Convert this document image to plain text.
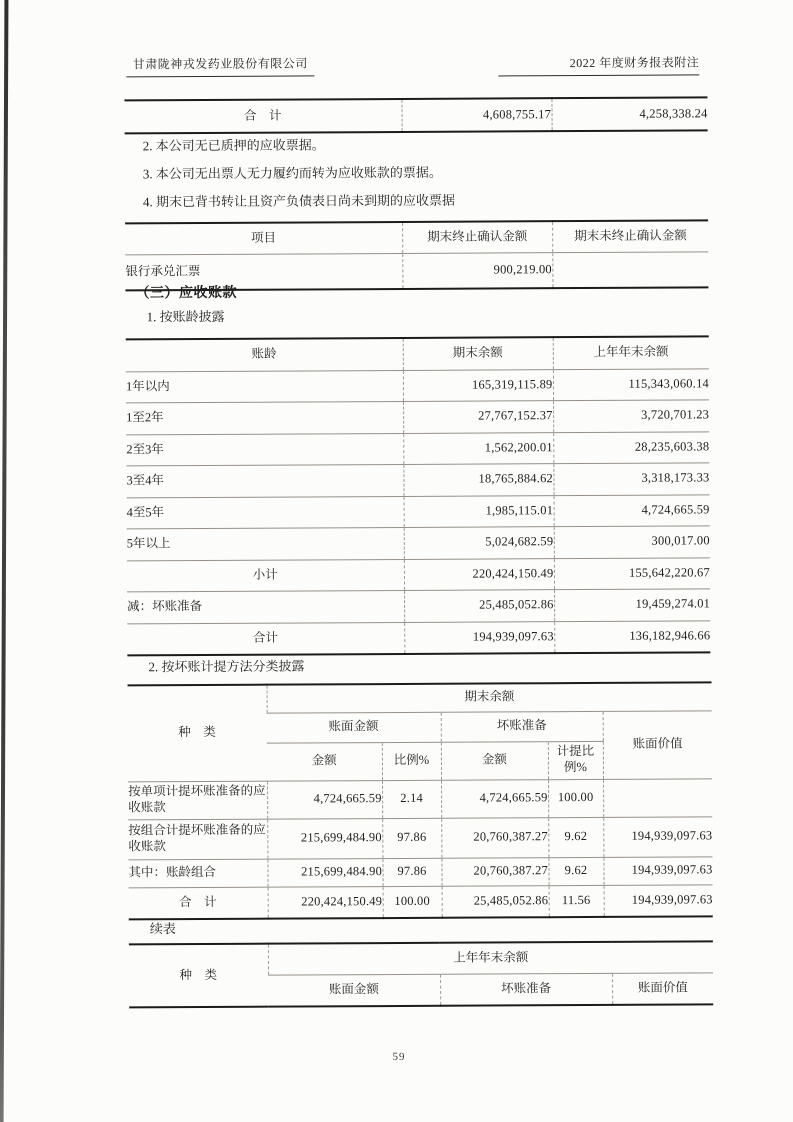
甘肃陇神戎发药业股份有限公司	2022 年度财务报表附注
合　计	4,608,755.17	4,258,338.24
2. 本公司无已质押的应收票据。
3. 本公司无出票人无力履约而转为应收账款的票据。
4. 期末已背书转让且资产负债表日尚未到期的应收票据
项目	期末终止确认金额	期末未终止确认金额
银行承兑汇票	900,219.00	
（三）应收账款
1. 按账龄披露
账龄	期末余额	上年年末余额
1年以内	165,319,115.89	115,343,060.14
1至2年	27,767,152.37	3,720,701.23
2至3年	1,562,200.01	28,235,603.38
3至4年	18,765,884.62	3,318,173.33
4至5年	1,985,115.01	4,724,665.59
5年以上	5,024,682.59	300,017.00
小计	220,424,150.49	155,642,220.67
减：坏账准备	25,485,052.86	19,459,274.01
合计	194,939,097.63	136,182,946.66
2. 按坏账计提方法分类披露
种　类	期末余额				
	账面金额		坏账准备		账面价值
	金额	比例%	金额	计提比例%	
按单项计提坏账准备的应收账款	4,724,665.59	2.14	4,724,665.59	100.00	
按组合计提坏账准备的应收账款	215,699,484.90	97.86	20,760,387.27	9.62	194,939,097.63
其中：账龄组合	215,699,484.90	97.86	20,760,387.27	9.62	194,939,097.63
合　计	220,424,150.49	100.00	25,485,052.86	11.56	194,939,097.63
续表
种　类	上年年末余额		
	账面金额	坏账准备	账面价值
59
